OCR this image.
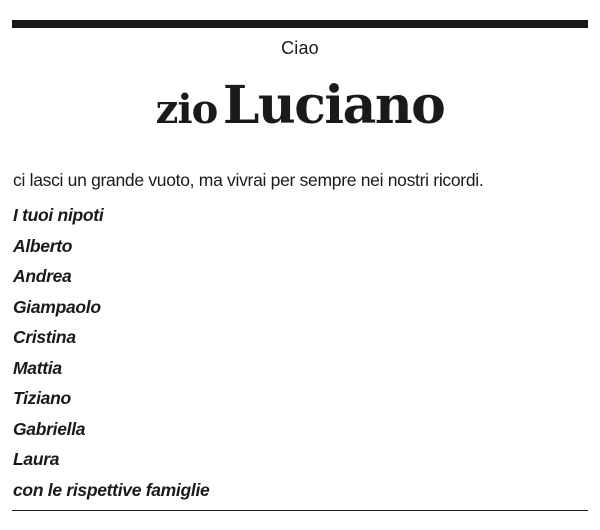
Ciao
zio Luciano
ci lasci un grande vuoto, ma vivrai per sempre nei nostri ricordi.
I tuoi nipoti
Alberto
Andrea
Giampaolo
Cristina
Mattia
Tiziano
Gabriella
Laura
con le rispettive famiglie
